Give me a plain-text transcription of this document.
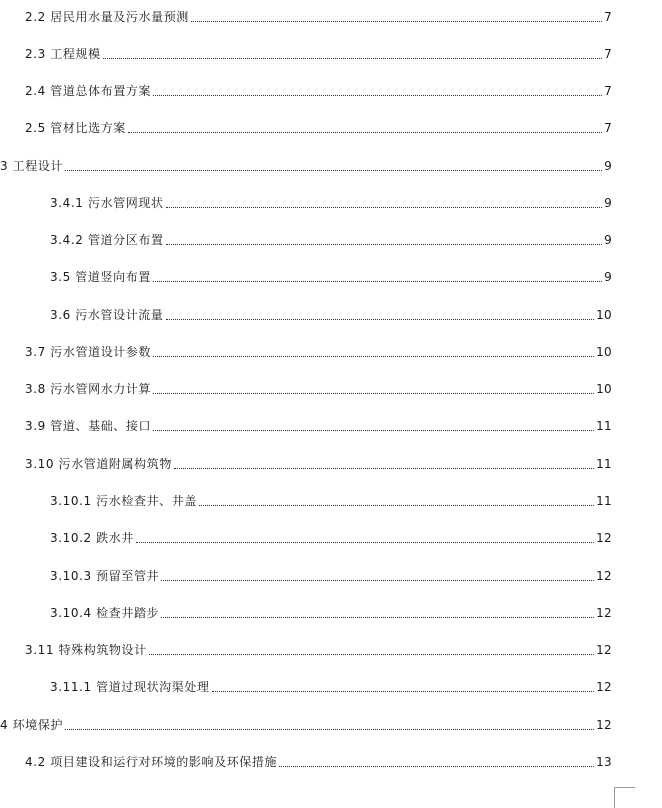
2.2 居民用水量及污水量预测	7
2.3 工程规模	7
2.4 管道总体布置方案	7
2.5 管材比选方案	7
3 工程设计	9
3.4.1 污水管网现状	9
3.4.2 管道分区布置	9
3.5 管道竖向布置	9
3.6 污水管设计流量	10
3.7 污水管道设计参数	10
3.8 污水管网水力计算	10
3.9 管道、基础、接口	11
3.10 污水管道附属构筑物	11
3.10.1 污水检查井、井盖	11
3.10.2 跌水井	12
3.10.3 预留至管井	12
3.10.4 检查井踏步	12
3.11 特殊构筑物设计	12
3.11.1 管道过现状沟渠处理	12
4 环境保护	12
4.2 项目建设和运行对环境的影响及环保措施	13
